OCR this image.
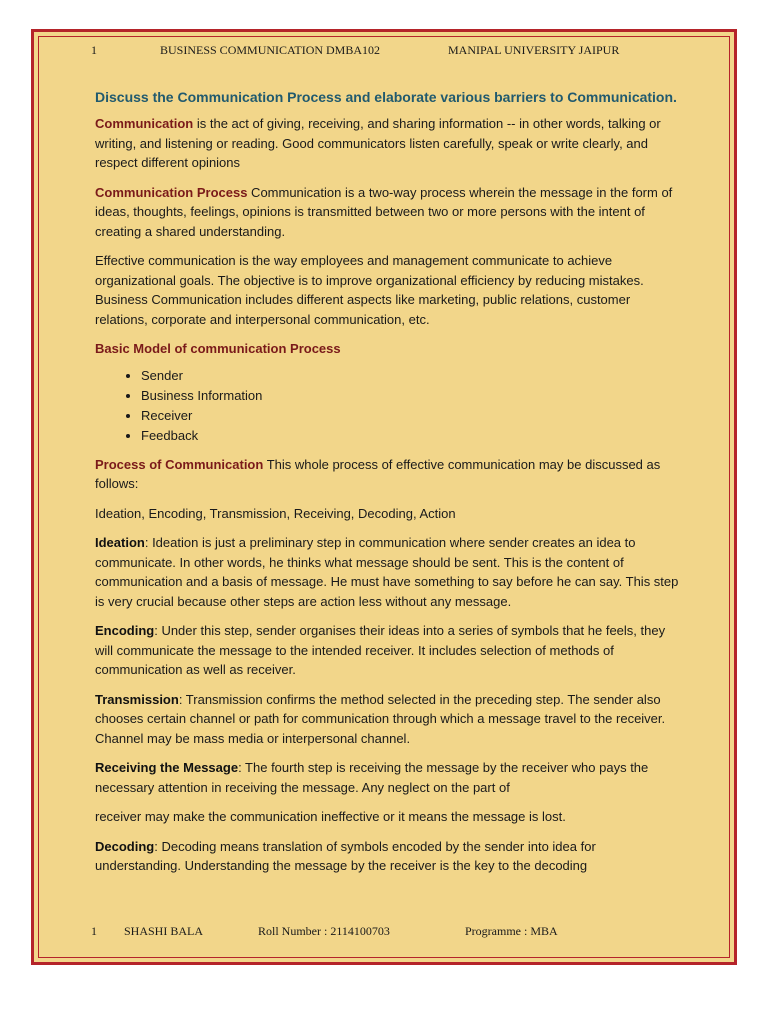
1	BUSINESS COMMUNICATION DMBA102	MANIPAL UNIVERSITY JAIPUR
Discuss the Communication Process and elaborate various barriers to Communication.

Communication is the act of giving, receiving, and sharing information -- in other words, talking or writing, and listening or reading. Good communicators listen carefully, speak or write clearly, and respect different opinions

Communication Process Communication is a two-way process wherein the message in the form of ideas, thoughts, feelings, opinions is transmitted between two or more persons with the intent of creating a shared understanding.

Effective communication is the way employees and management communicate to achieve organizational goals. The objective is to improve organizational efficiency by reducing mistakes. Business Communication includes different aspects like marketing, public relations, customer relations, corporate and interpersonal communication, etc.

Basic Model of communication Process

• Sender
• Business Information
• Receiver
• Feedback

Process of Communication This whole process of effective communication may be discussed as follows:

Ideation, Encoding, Transmission, Receiving, Decoding, Action

Ideation: Ideation is just a preliminary step in communication where sender creates an idea to communicate. In other words, he thinks what message should be sent. This is the content of communication and a basis of message. He must have something to say before he can say. This step is very crucial because other steps are action less without any message.

Encoding: Under this step, sender organises their ideas into a series of symbols that he feels, they will communicate the message to the intended receiver. It includes selection of methods of communication as well as receiver.

Transmission: Transmission confirms the method selected in the preceding step. The sender also chooses certain channel or path for communication through which a message travel to the receiver. Channel may be mass media or interpersonal channel.

Receiving the Message: The fourth step is receiving the message by the receiver who pays the necessary attention in receiving the message. Any neglect on the part of

receiver may make the communication ineffective or it means the message is lost.

Decoding: Decoding means translation of symbols encoded by the sender into idea for understanding. Understanding the message by the receiver is the key to the decoding

1 SHASHI BALA	Roll Number : 2114100703	Programme : MBA
